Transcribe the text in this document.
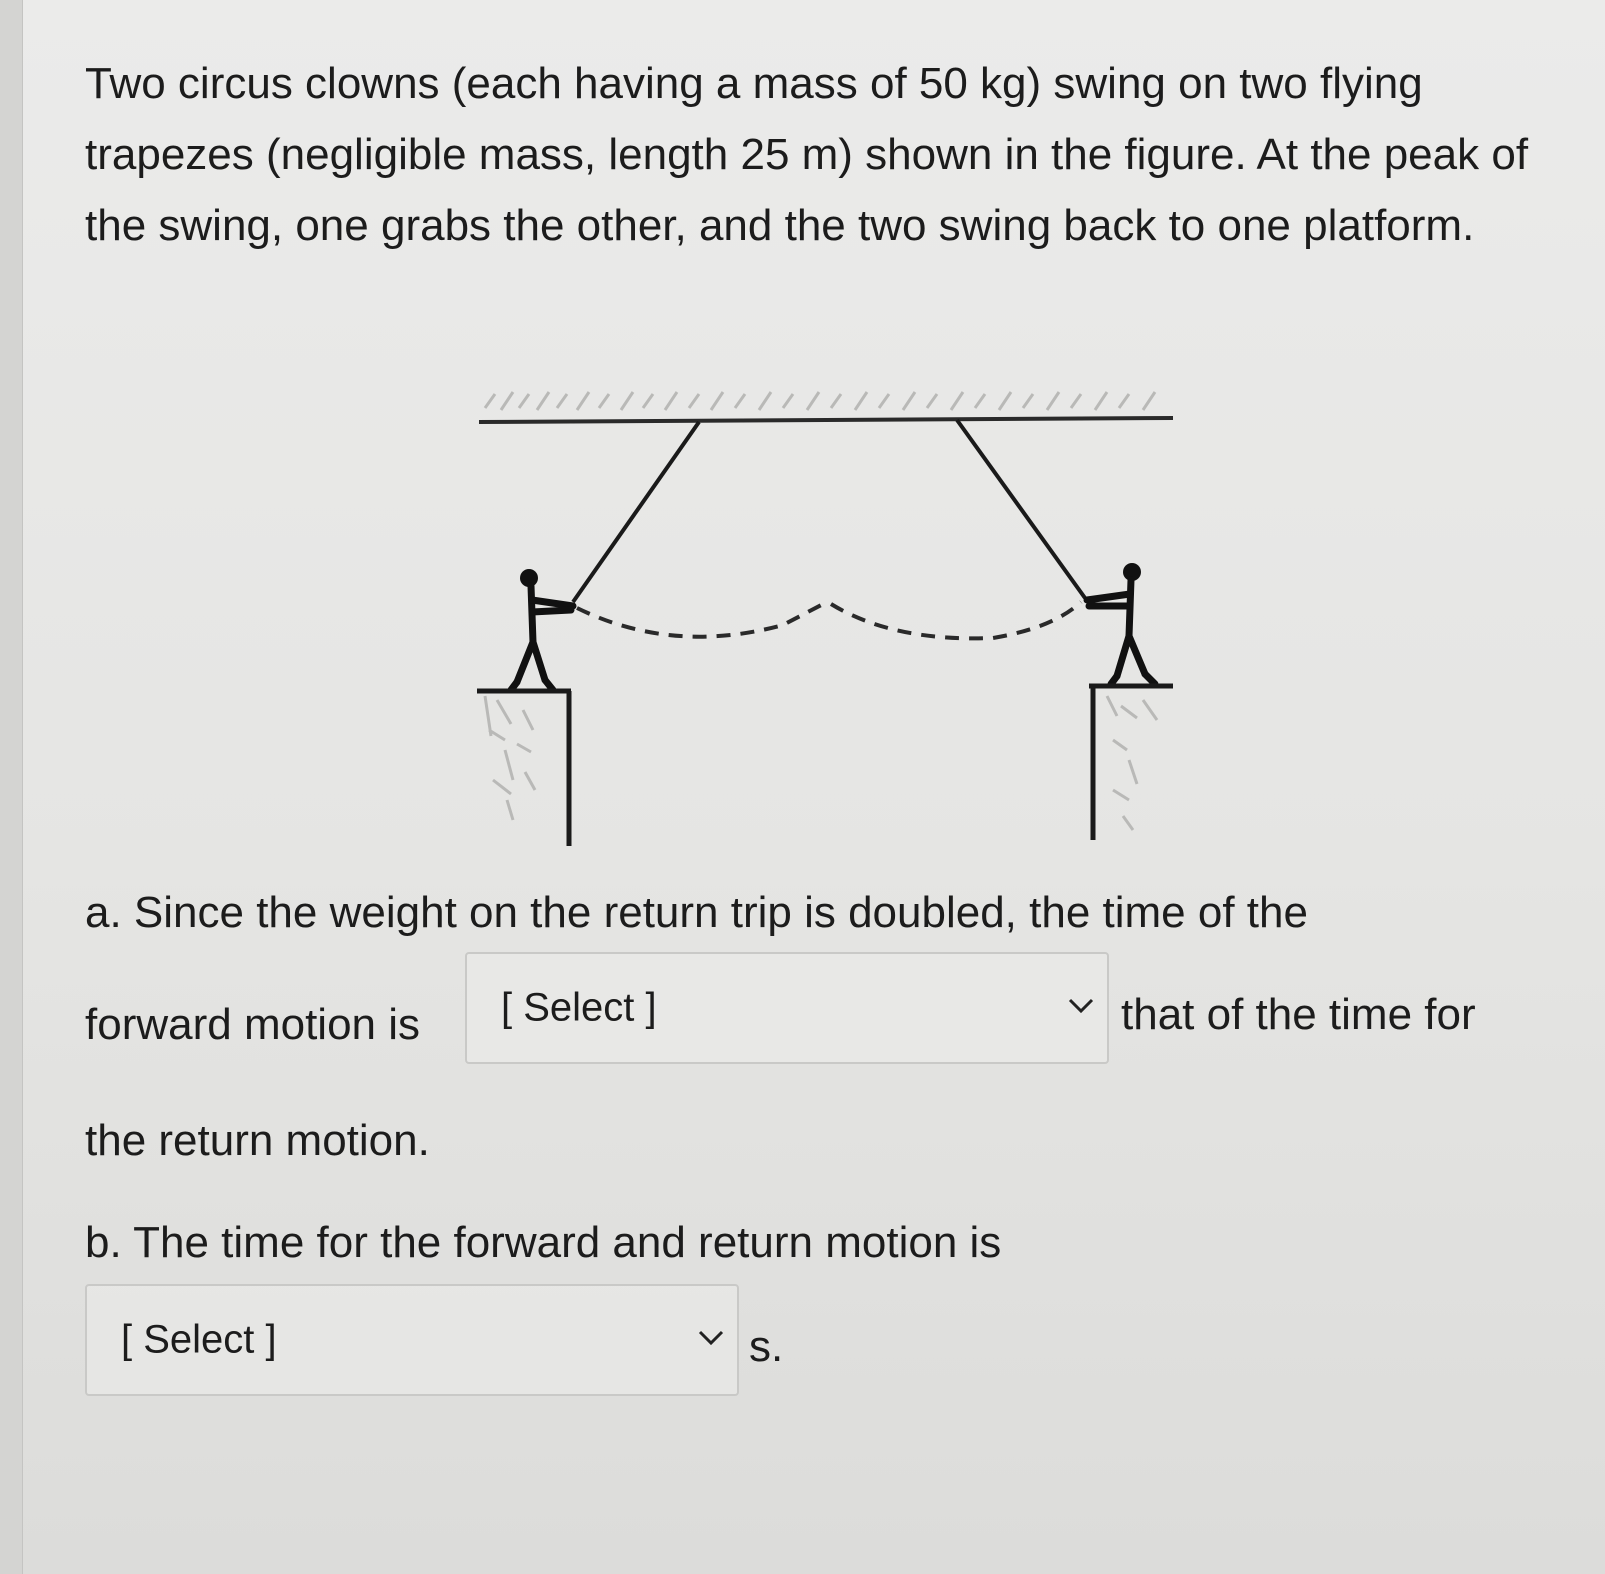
Two circus clowns (each having a mass of 50 kg) swing on two flying trapezes (negligible mass, length 25 m) shown in the figure. At the peak of the swing, one grabs the other, and the two swing back to one platform.

a. Since the weight on the return trip is doubled, the time of the

forward motion is [ Select ]	that of the time for

the return motion.

b. The time for the forward and return motion is

[ Select ]	s.
